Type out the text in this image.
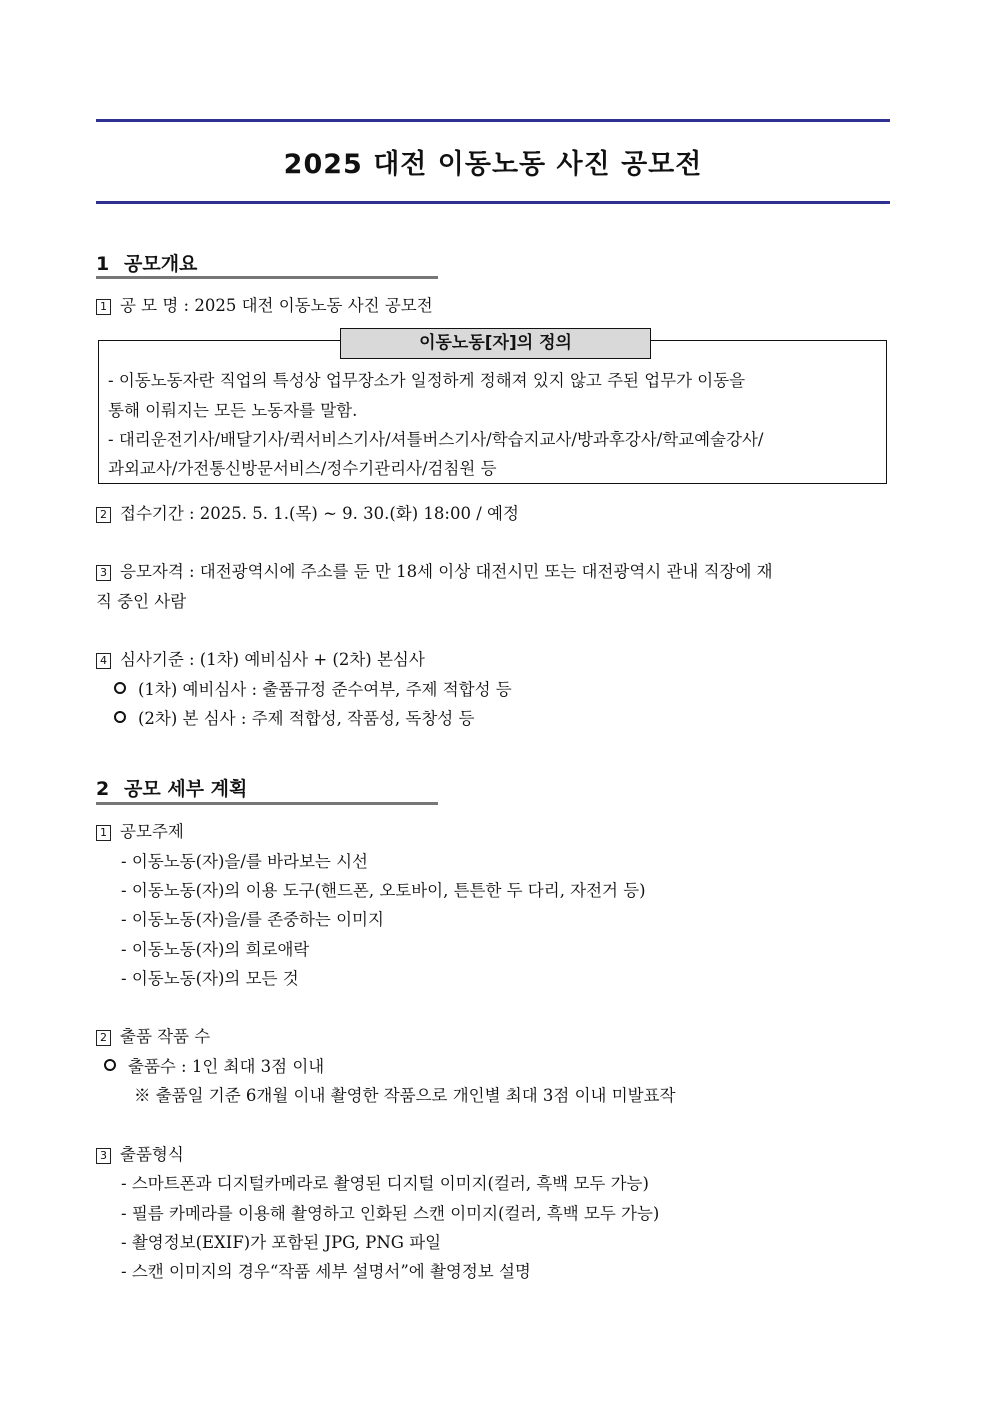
2025 대전 이동노동 사진 공모전
1 공모개요
1 공 모 명 : 2025 대전 이동노동 사진 공모전
이동노동[자]의 정의
- 이동노동자란 직업의 특성상 업무장소가 일정하게 정해져 있지 않고 주된 업무가 이동을
통해 이뤄지는 모든 노동자를 말함.
- 대리운전기사/배달기사/퀵서비스기사/셔틀버스기사/학습지교사/방과후강사/학교예술강사/
과외교사/가전통신방문서비스/정수기관리사/검침원 등
2 접수기간 : 2025. 5. 1.(목) ~ 9. 30.(화) 18:00 / 예정
3 응모자격 : 대전광역시에 주소를 둔 만 18세 이상 대전시민 또는 대전광역시 관내 직장에 재
직 중인 사람
4 심사기준 : (1차) 예비심사 + (2차) 본심사
(1차) 예비심사 : 출품규정 준수여부, 주제 적합성 등
(2차) 본 심사 : 주제 적합성, 작품성, 독창성 등
2 공모 세부 계획
1 공모주제
- 이동노동(자)을/를 바라보는 시선
- 이동노동(자)의 이용 도구(핸드폰, 오토바이, 튼튼한 두 다리, 자전거 등)
- 이동노동(자)을/를 존중하는 이미지
- 이동노동(자)의 희로애락
- 이동노동(자)의 모든 것
2 출품 작품 수
출품수 : 1인 최대 3점 이내
※ 출품일 기준 6개월 이내 촬영한 작품으로 개인별 최대 3점 이내 미발표작
3 출품형식
- 스마트폰과 디지털카메라로 촬영된 디지털 이미지(컬러, 흑백 모두 가능)
- 필름 카메라를 이용해 촬영하고 인화된 스캔 이미지(컬러, 흑백 모두 가능)
- 촬영정보(EXIF)가 포함된 JPG, PNG 파일
- 스캔 이미지의 경우“작품 세부 설명서”에 촬영정보 설명
